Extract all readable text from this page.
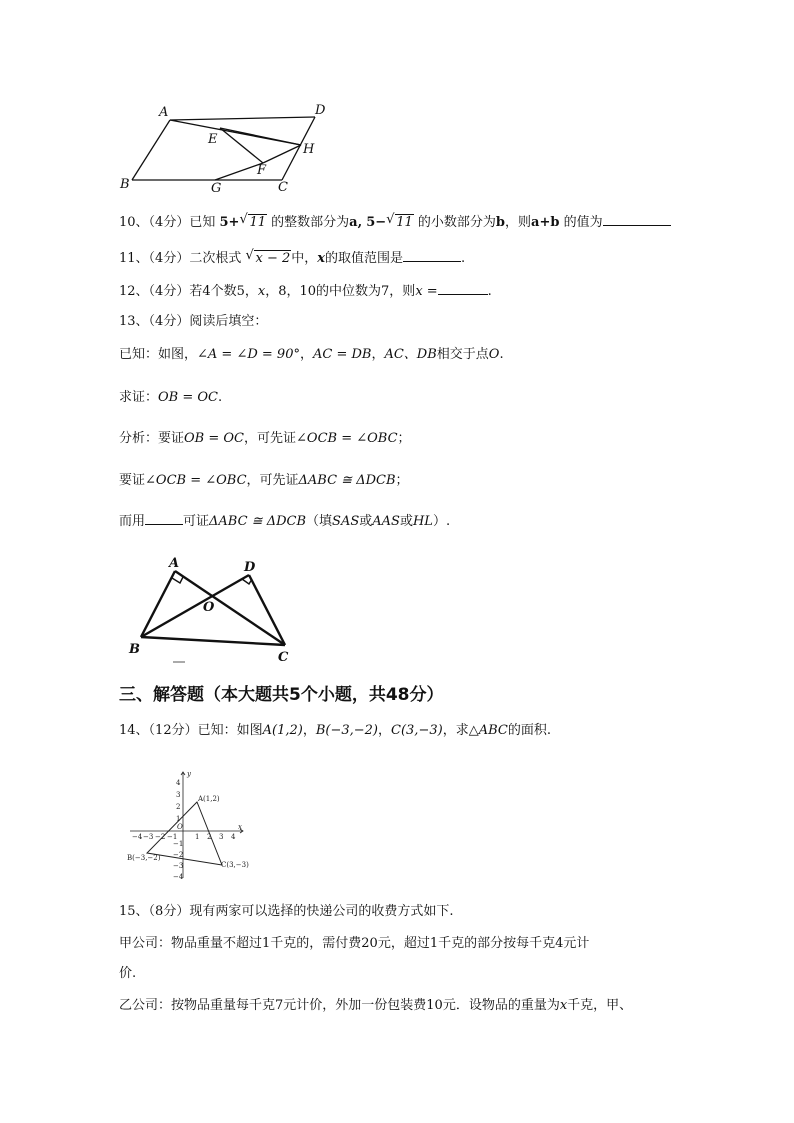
A	D
E
H
F
B	G	C
10、（4分）已知 5+ √ 11 的整数部分为a, 5− √ 11 的小数部分为b，则a+b 的值为
11、（4分）二次根式 √ x − 2中，x的取值范围是	.
12、（4分）若4个数5，x，8，10的中位数为7，则x =	.
13、（4分）阅读后填空：
已知：如图，∠A = ∠D = 90°，AC = DB，AC、DB相交于点O.
求证：OB = OC.
分析：要证OB = OC，可先证∠OCB = ∠OBC；
要证∠OCB = ∠OBC，可先证ΔABC ≅ ΔDCB；
而用	可证ΔABC ≅ ΔDCB（填SAS或AAS或HL）.
A	D
O
B
C
三、解答题（本大题共5个小题，共48分）
14、（12分）已知：如图A(1,2)，B(−3,−2)，C(3,−3)，求△ABC的面积.
x
y
O
−4 −3 −2 −1	1 2 3 4
4
3
2
1
−1
−2
−3
−4
A(1,2)
B(−3,−2)
C(3,−3)
15、（8分）现有两家可以选择的快递公司的收费方式如下.
甲公司：物品重量不超过1千克的，需付费20元，超过1千克的部分按每千克4元计
价.
乙公司：按物品重量每千克7元计价，外加一份包装费10元．设物品的重量为x千克，甲、
